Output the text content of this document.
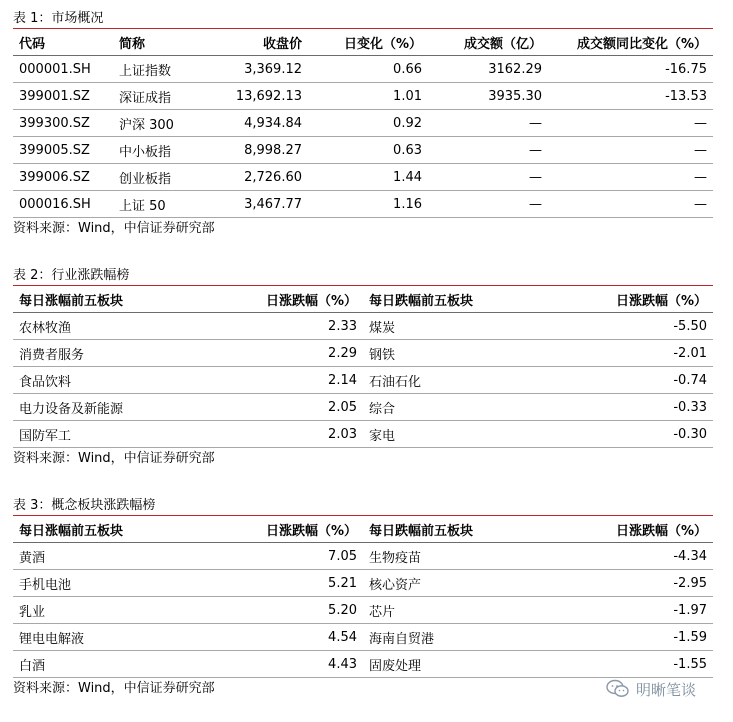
表 1：市场概况
代码	简称	收盘价	日变化（%）	成交额（亿）	成交额同比变化（%）
000001.SH	上证指数	3,369.12	0.66	3162.29	-16.75
399001.SZ	深证成指	13,692.13	1.01	3935.30	-13.53
399300.SZ	沪深 300	4,934.84	0.92	—	—
399005.SZ	中小板指	8,998.27	0.63	—	—
399006.SZ	创业板指	2,726.60	1.44	—	—
000016.SH	上证 50	3,467.77	1.16	—	—
资料来源：Wind，中信证券研究部
表 2：行业涨跌幅榜
每日涨幅前五板块	日涨跌幅（%）	每日跌幅前五板块	日涨跌幅（%）
农林牧渔	2.33	煤炭	-5.50
消费者服务	2.29	钢铁	-2.01
食品饮料	2.14	石油石化	-0.74
电力设备及新能源	2.05	综合	-0.33
国防军工	2.03	家电	-0.30
资料来源：Wind，中信证券研究部
表 3：概念板块涨跌幅榜
每日涨幅前五板块	日涨跌幅（%）	每日跌幅前五板块	日涨跌幅（%）
黄酒	7.05	生物疫苗	-4.34
手机电池	5.21	核心资产	-2.95
乳业	5.20	芯片	-1.97
锂电电解液	4.54	海南自贸港	-1.59
白酒	4.43	固废处理	-1.55
资料来源：Wind，中信证券研究部	明晰笔谈
